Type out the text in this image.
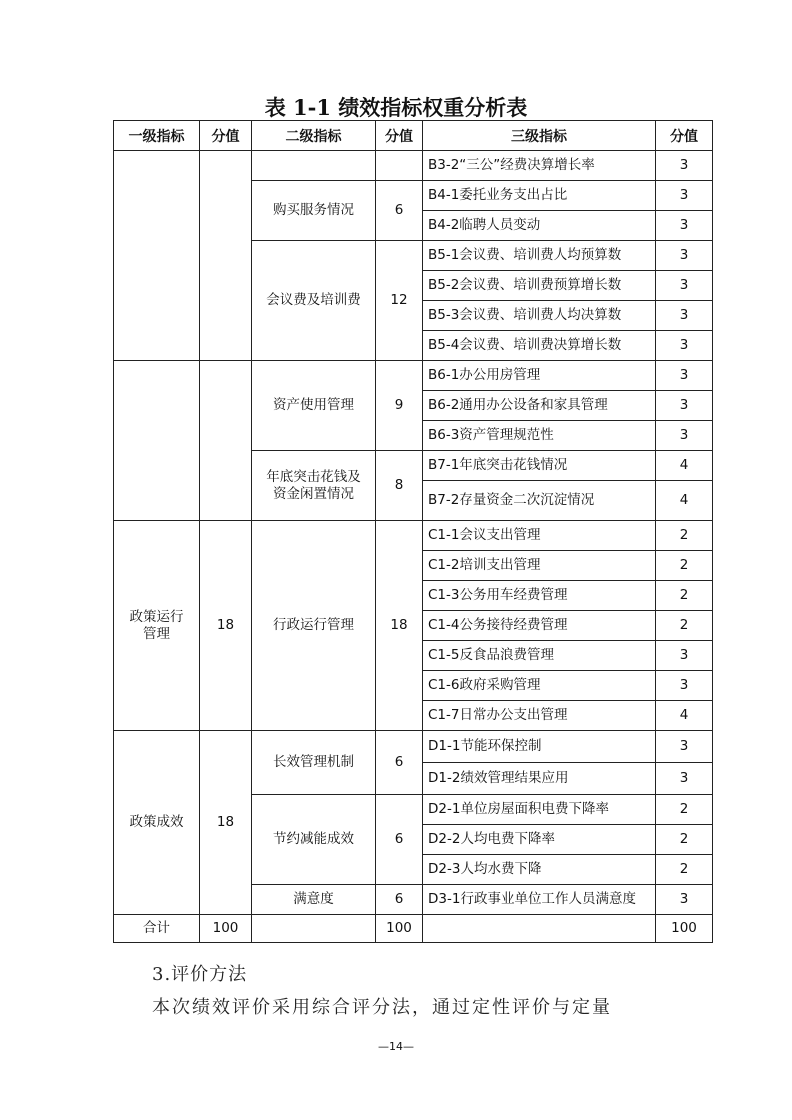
表 1-1 绩效指标权重分析表
一级指标	分值	二级指标	分值	三级指标	分值
				B3-2“三公”经费决算增长率	3
		购买服务情况	6	B4-1委托业务支出占比	3
				B4-2临聘人员变动	3
		会议费及培训费	12	B5-1会议费、培训费人均预算数	3
				B5-2会议费、培训费预算增长数	3
				B5-3会议费、培训费人均决算数	3
				B5-4会议费、培训费决算增长数	3
		资产使用管理	9	B6-1办公用房管理	3
				B6-2通用办公设备和家具管理	3
				B6-3资产管理规范性	3
		年底突击花钱及资金闲置情况	8	B7-1年底突击花钱情况	4
				B7-2存量资金二次沉淀情况	4
政策运行管理	18	行政运行管理	18	C1-1会议支出管理	2
				C1-2培训支出管理	2
				C1-3公务用车经费管理	2
				C1-4公务接待经费管理	2
				C1-5反食品浪费管理	3
				C1-6政府采购管理	3
				C1-7日常办公支出管理	4
政策成效	18	长效管理机制	6	D1-1节能环保控制	3
				D1-2绩效管理结果应用	3
		节约减能成效	6	D2-1单位房屋面积电费下降率	2
				D2-2人均电费下降率	2
				D2-3人均水费下降	2
		满意度	6	D3-1行政事业单位工作人员满意度	3
合计	100		100		100
3.评价方法
本次绩效评价采用综合评分法，通过定性评价与定量
—14—
